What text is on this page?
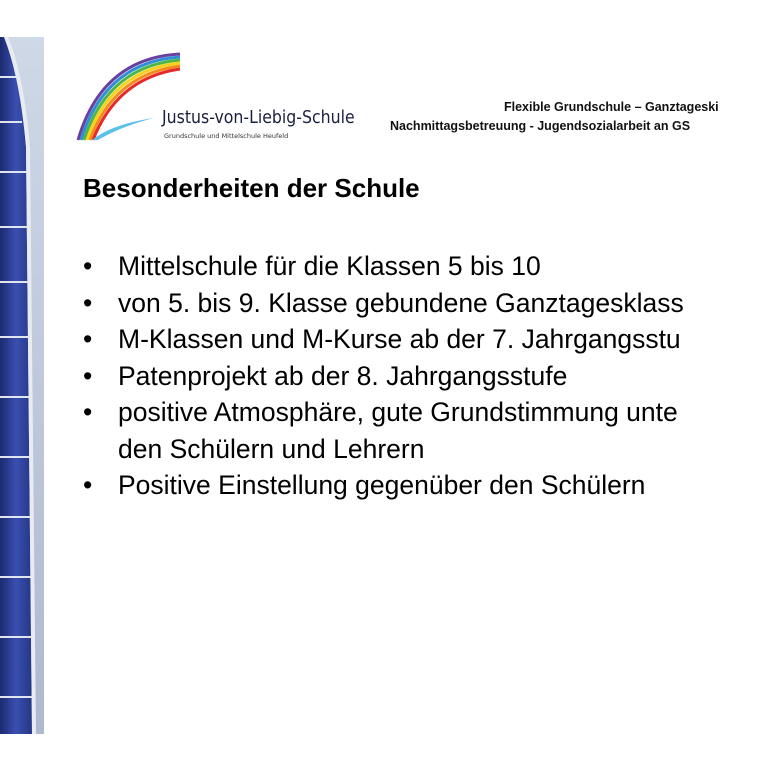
Justus-von-Liebig-Schule
Grundschule und Mittelschule Heufeld
Flexible Grundschule – Ganztageski
Nachmittagsbetreuung - Jugendsozialarbeit an GS
Besonderheiten der Schule
• Mittelschule für die Klassen 5 bis 10
• von 5. bis 9. Klasse gebundene Ganztagesklass
• M-Klassen und M-Kurse ab der 7. Jahrgangsstu
• Patenprojekt ab der 8. Jahrgangsstufe
• positive Atmosphäre, gute Grundstimmung unte
den Schülern und Lehrern
• Positive Einstellung gegenüber den Schülern
